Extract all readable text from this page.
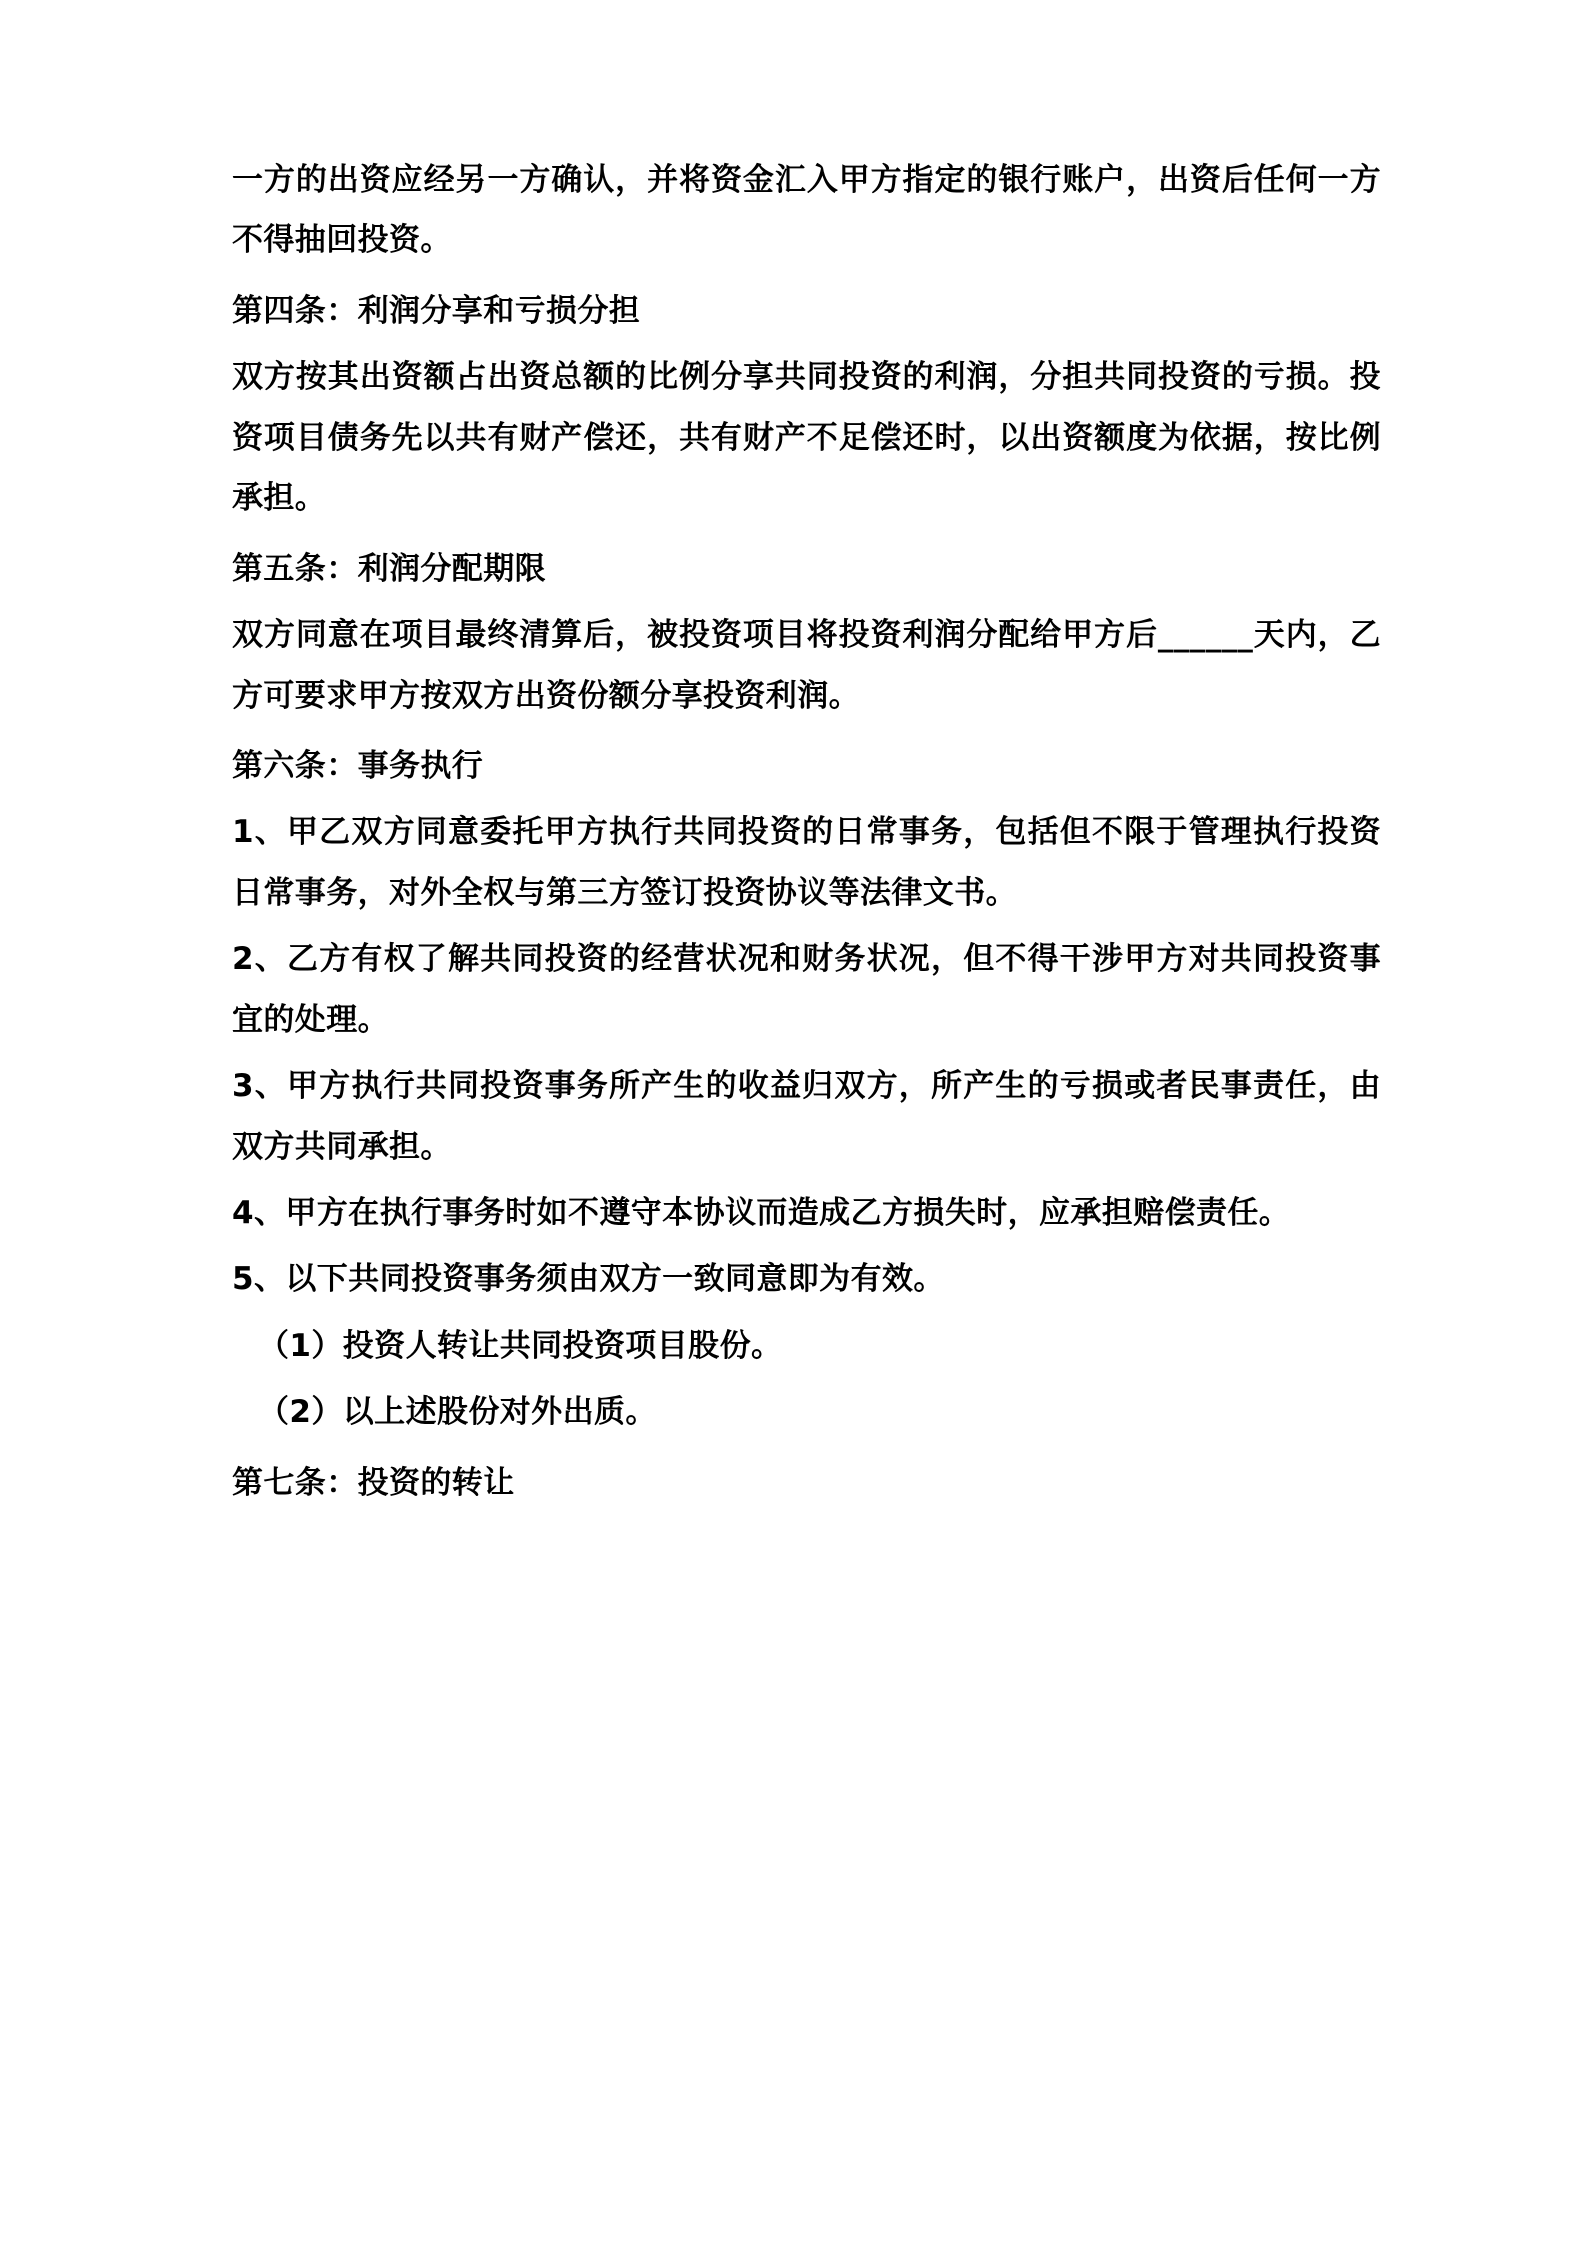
一方的出资应经另一方确认，并将资金汇入甲方指定的银行账户，出资后任何一方不得抽回投资。

第四条：利润分享和亏损分担

双方按其出资额占出资总额的比例分享共同投资的利润，分担共同投资的亏损。投资项目债务先以共有财产偿还，共有财产不足偿还时，以出资额度为依据，按比例承担。

第五条：利润分配期限

双方同意在项目最终清算后，被投资项目将投资利润分配给甲方后______天内，乙方可要求甲方按双方出资份额分享投资利润。

第六条：事务执行

1、甲乙双方同意委托甲方执行共同投资的日常事务，包括但不限于管理执行投资日常事务，对外全权与第三方签订投资协议等法律文书。

2、乙方有权了解共同投资的经营状况和财务状况，但不得干涉甲方对共同投资事宜的处理。

3、甲方执行共同投资事务所产生的收益归双方，所产生的亏损或者民事责任，由双方共同承担。

4、甲方在执行事务时如不遵守本协议而造成乙方损失时，应承担赔偿责任。

5、以下共同投资事务须由双方一致同意即为有效。

（1）投资人转让共同投资项目股份。

（2）以上述股份对外出质。

第七条：投资的转让
